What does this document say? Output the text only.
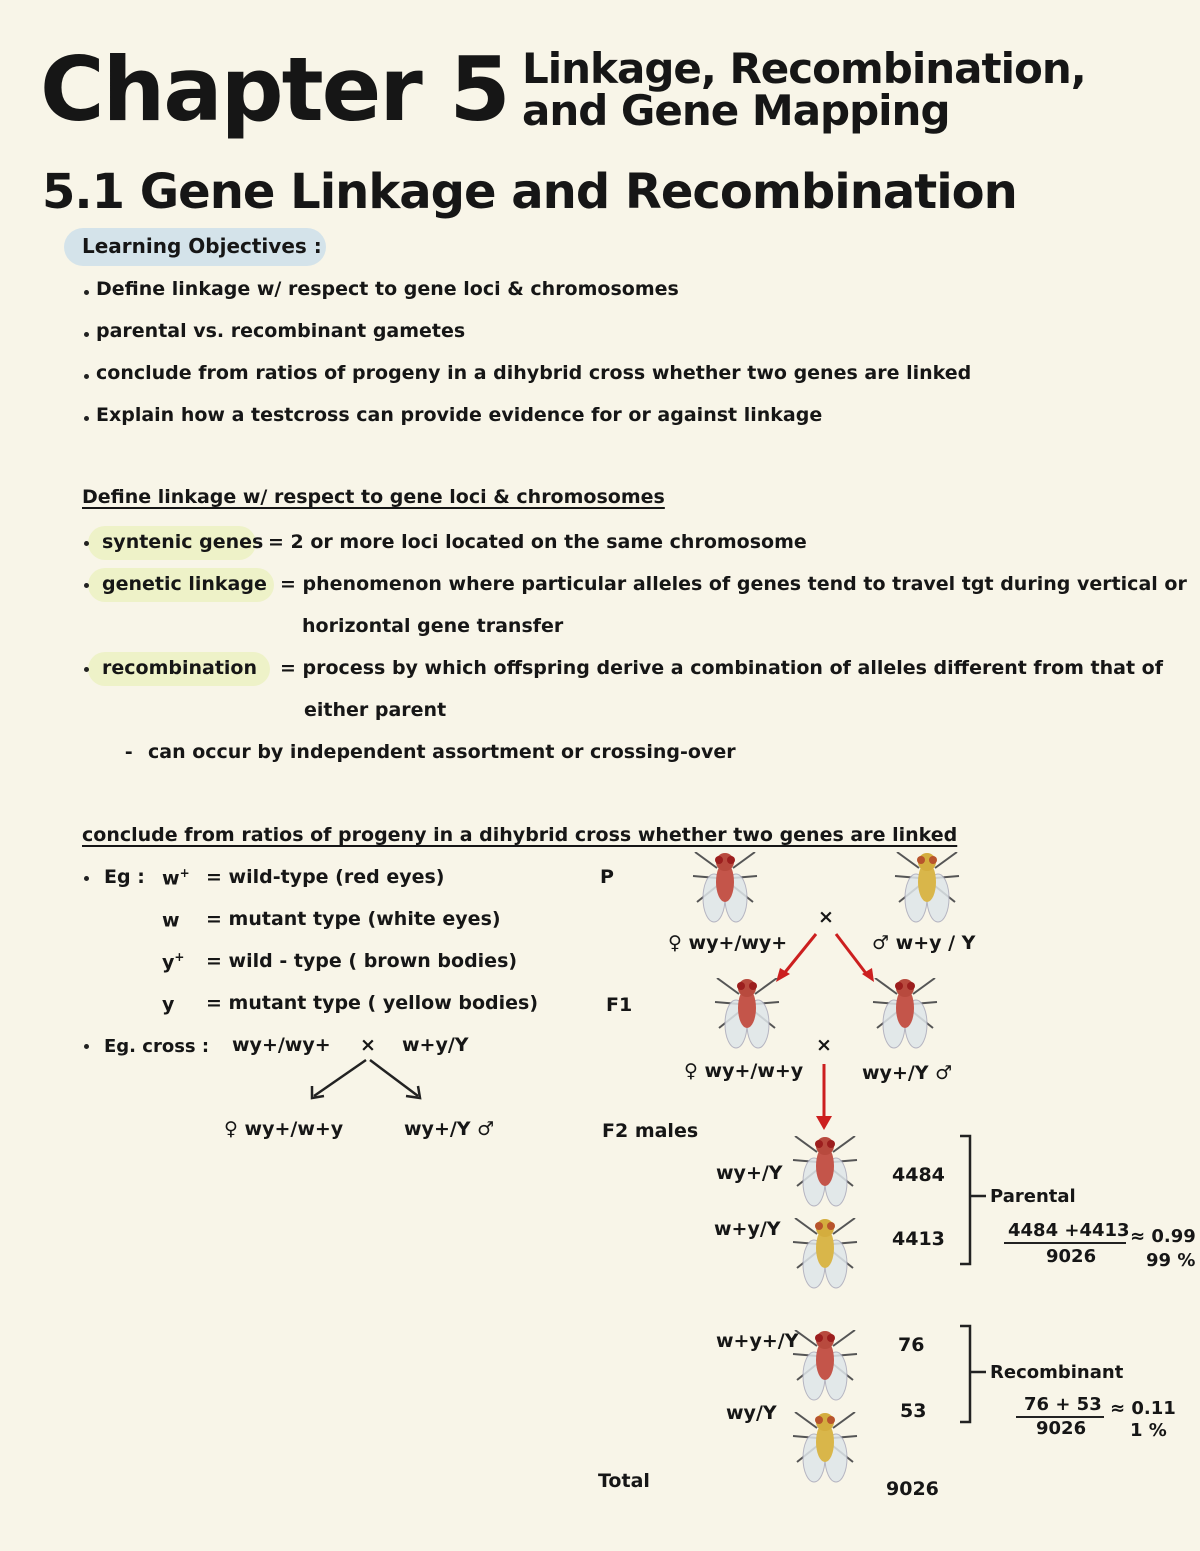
Chapter 5 Linkage, Recombination,
and Gene Mapping
5.1 Gene Linkage and Recombination
Learning Objectives :
Define linkage w/ respect to gene loci & chromosomes
parental vs. recombinant gametes
conclude from ratios of progeny in a dihybrid cross whether two genes are linked
Explain how a testcross can provide evidence for or against linkage
Define linkage w/ respect to gene loci & chromosomes
syntenic genes = 2 or more loci located on the same chromosome
genetic linkage = phenomenon where particular alleles of genes tend to travel tgt during vertical or
horizontal gene transfer
recombination = process by which offspring derive a combination of alleles different from that of
either parent
⁃ can occur by independent assortment or crossing-over
conclude from ratios of progeny in a dihybrid cross whether two genes are linked
Eg : w+ = wild-type (red eyes)
w = mutant type (white eyes)
y+ = wild - type ( brown bodies)
y = mutant type ( yellow bodies)
Eg. cross : wy+/wy+ × w+y/Y
♀ wy+/w+y	wy+/Y ♂
P
F1
F2 males
×
♀ wy+/wy+	♂ w+y / Y
×
♀ wy+/w+y	wy+/Y ♂
wy+/Y	4484
w+y/Y	4413
w+y+/Y	76
wy/Y	53
Parental
4484 +4413
9026
≈ 0.99
99 %
Recombinant
76 + 53
9026
≈ 0.11
1 %
Total	9026
